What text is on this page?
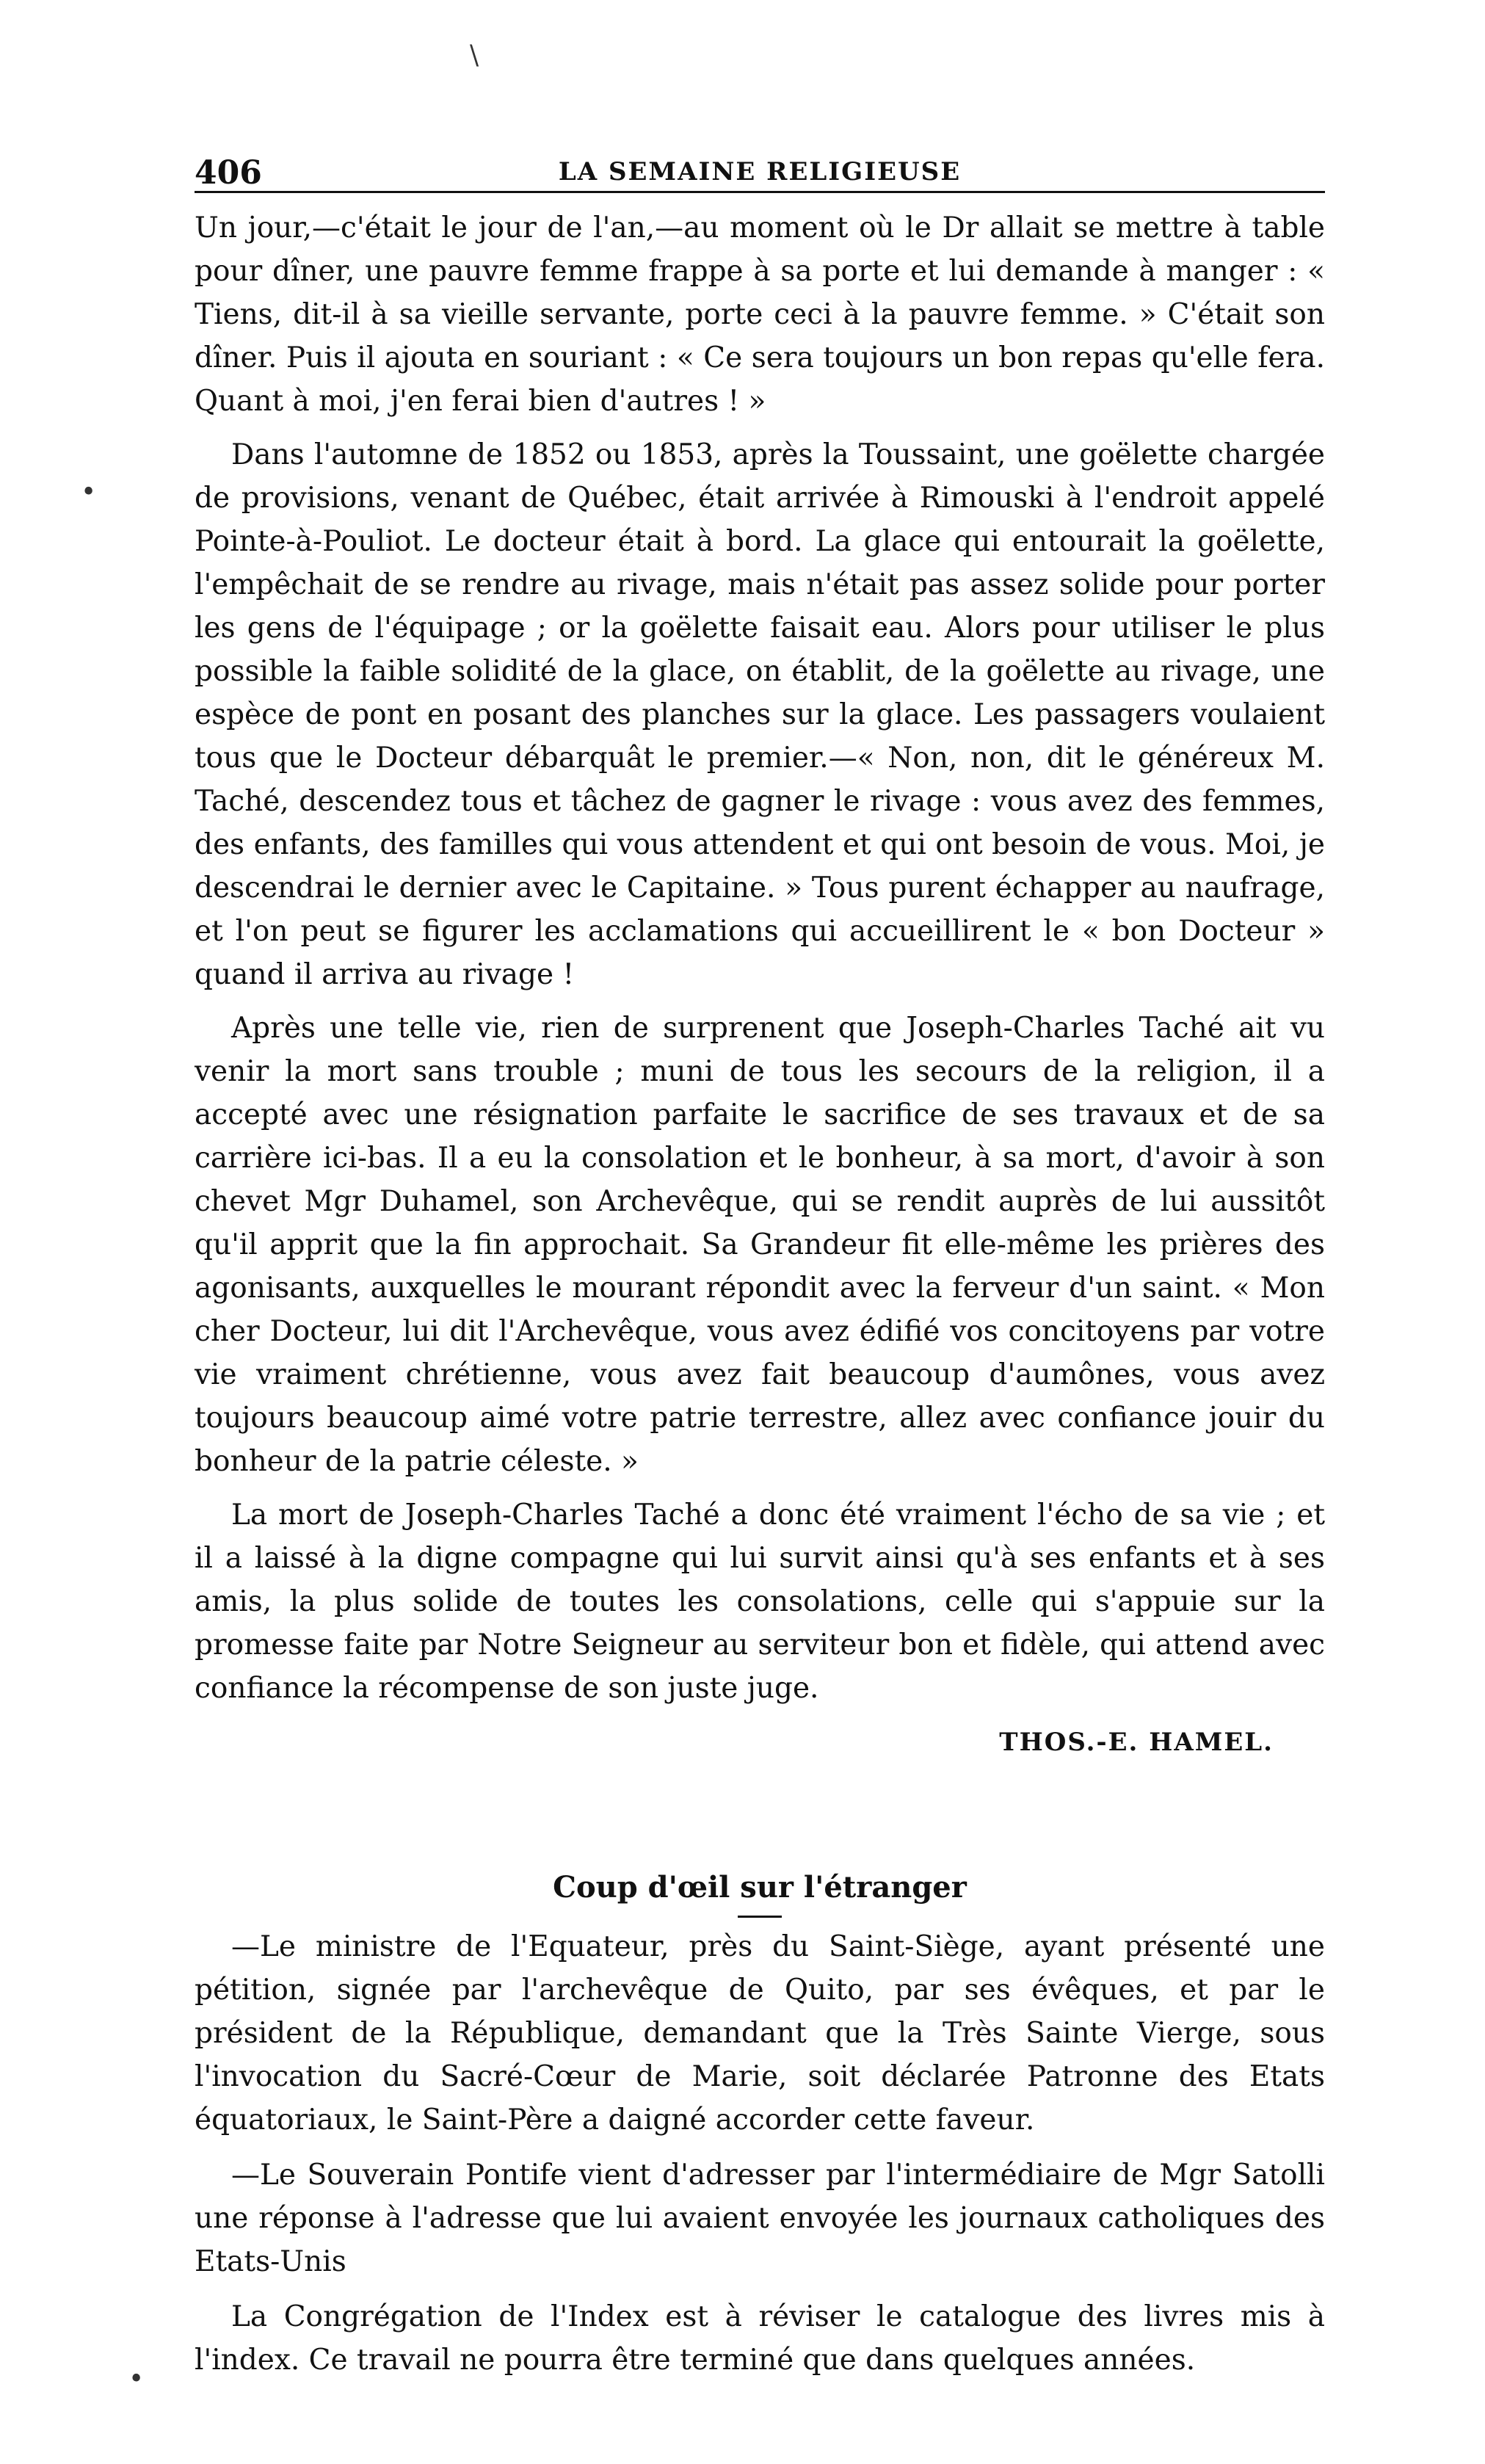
406	LA SEMAINE RELIGIEUSE

Un jour,—c'était le jour de l'an,—au moment où le Dr allait se mettre à table pour dîner, une pauvre femme frappe à sa porte et lui demande à manger : « Tiens, dit-il à sa vieille servante, porte ceci à la pauvre femme. » C'était son dîner. Puis il ajouta en souriant : « Ce sera toujours un bon repas qu'elle fera. Quant à moi, j'en ferai bien d'autres ! »

Dans l'automne de 1852 ou 1853, après la Toussaint, une goëlette chargée de provisions, venant de Québec, était arrivée à Rimouski à l'endroit appelé Pointe-à-Pouliot. Le docteur était à bord. La glace qui entourait la goëlette, l'empêchait de se rendre au rivage, mais n'était pas assez solide pour porter les gens de l'équipage ; or la goëlette faisait eau. Alors pour utiliser le plus possible la faible solidité de la glace, on établit, de la goëlette au rivage, une espèce de pont en posant des planches sur la glace. Les passagers voulaient tous que le Docteur débarquât le premier.—« Non, non, dit le généreux M. Taché, descendez tous et tâchez de gagner le rivage : vous avez des femmes, des enfants, des familles qui vous attendent et qui ont besoin de vous. Moi, je descendrai le dernier avec le Capitaine. » Tous purent échapper au naufrage, et l'on peut se figurer les acclamations qui accueillirent le « bon Docteur » quand il arriva au rivage !

Après une telle vie, rien de surprenent que Joseph-Charles Taché ait vu venir la mort sans trouble ; muni de tous les secours de la religion, il a accepté avec une résignation parfaite le sacrifice de ses travaux et de sa carrière ici-bas. Il a eu la consolation et le bonheur, à sa mort, d'avoir à son chevet Mgr Duhamel, son Archevêque, qui se rendit auprès de lui aussitôt qu'il apprit que la fin approchait. Sa Grandeur fit elle-même les prières des agonisants, auxquelles le mourant répondit avec la ferveur d'un saint. « Mon cher Docteur, lui dit l'Archevêque, vous avez édifié vos concitoyens par votre vie vraiment chrétienne, vous avez fait beaucoup d'aumônes, vous avez toujours beaucoup aimé votre patrie terrestre, allez avec confiance jouir du bonheur de la patrie céleste. »

La mort de Joseph-Charles Taché a donc été vraiment l'écho de sa vie ; et il a laissé à la digne compagne qui lui survit ainsi qu'à ses enfants et à ses amis, la plus solide de toutes les consolations, celle qui s'appuie sur la promesse faite par Notre Seigneur au serviteur bon et fidèle, qui attend avec confiance la récompense de son juste juge.

THOS.-E. HAMEL.
Coup d'œil sur l'étranger

—Le ministre de l'Equateur, près du Saint-Siège, ayant présenté une pétition, signée par l'archevêque de Quito, par ses évêques, et par le président de la République, demandant que la Très Sainte Vierge, sous l'invocation du Sacré-Cœur de Marie, soit déclarée Patronne des Etats équatoriaux, le Saint-Père a daigné accorder cette faveur.

—Le Souverain Pontife vient d'adresser par l'intermédiaire de Mgr Satolli une réponse à l'adresse que lui avaient envoyée les journaux catholiques des Etats-Unis

La Congrégation de l'Index est à réviser le catalogue des livres mis à l'index. Ce travail ne pourra être terminé que dans quelques années.

•
•
\
